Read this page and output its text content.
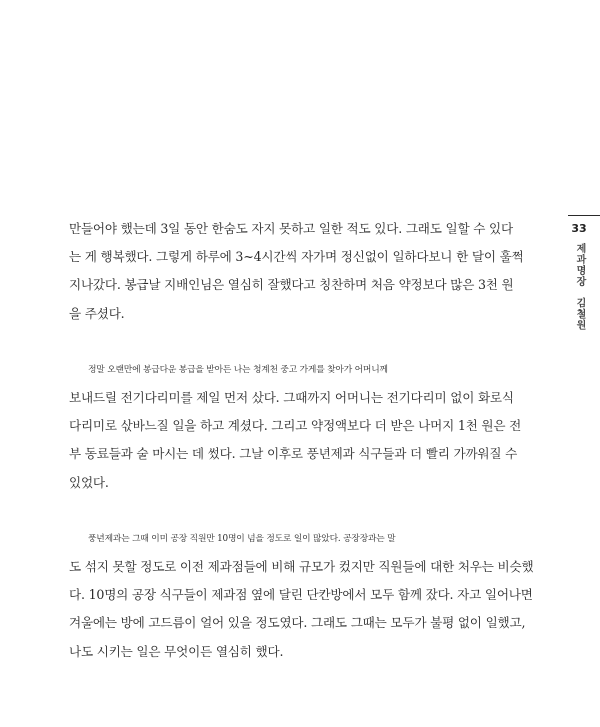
만들어야 했는데 3일 동안 한숨도 자지 못하고 일한 적도 있다. 그래도 일할 수 있다
는 게 행복했다. 그렇게 하루에 3~4시간씩 자가며 정신없이 일하다보니 한 달이 훌쩍
지나갔다. 봉급날 지배인님은 열심히 잘했다고 칭찬하며 처음 약정보다 많은 3천 원
을 주셨다.
정말 오랜만에 봉급다운 봉급을 받아든 나는 청계천 중고 가게를 찾아가 어머니께
보내드릴 전기다리미를 제일 먼저 샀다. 그때까지 어머니는 전기다리미 없이 화로식
다리미로 삯바느질 일을 하고 계셨다. 그리고 약정액보다 더 받은 나머지 1천 원은 전
부 동료들과 술 마시는 데 썼다. 그날 이후로 풍년제과 식구들과 더 빨리 가까워질 수
있었다.
풍년제과는 그때 이미 공장 직원만 10명이 넘을 정도로 일이 많았다. 공장장과는 말
도 섞지 못할 정도로 이전 제과점들에 비해 규모가 컸지만 직원들에 대한 처우는 비슷했
다. 10명의 공장 식구들이 제과점 옆에 달린 단칸방에서 모두 함께 잤다. 자고 일어나면
겨울에는 방에 고드름이 얼어 있을 정도였다. 그래도 그때는 모두가 불평 없이 일했고,
나도 시키는 일은 무엇이든 열심히 했다.
33
제과명장 김철원
